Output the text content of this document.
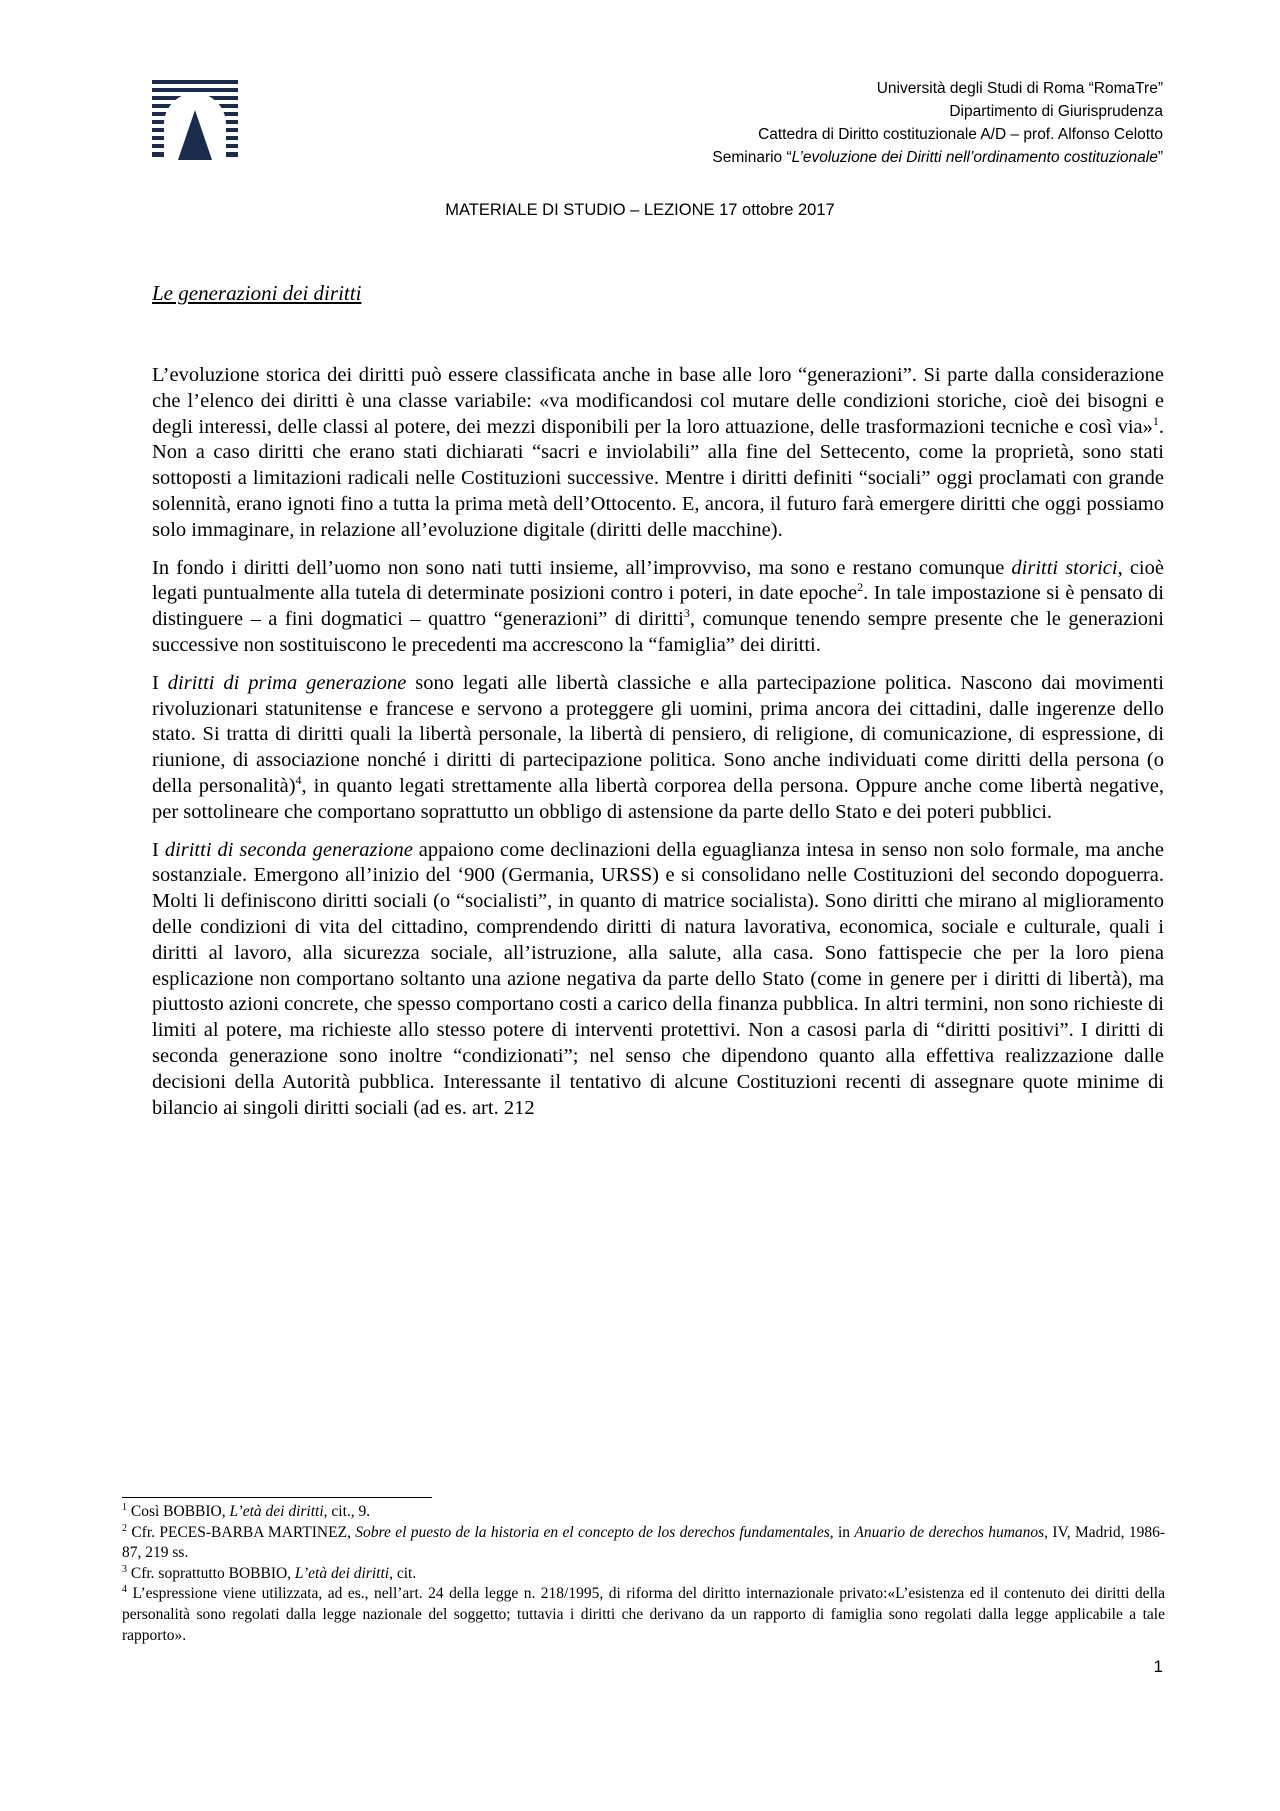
Università degli Studi di Roma “RomaTre”
Dipartimento di Giurisprudenza
Cattedra di Diritto costituzionale A/D – prof. Alfonso Celotto
Seminario “L’evoluzione dei Diritti nell’ordinamento costituzionale”
MATERIALE DI STUDIO – LEZIONE 17 ottobre 2017
Le generazioni dei diritti

L’evoluzione storica dei diritti può essere classificata anche in base alle loro “generazioni”. Si parte dalla considerazione che l’elenco dei diritti è una classe variabile: «va modificandosi col mutare delle condizioni storiche, cioè dei bisogni e degli interessi, delle classi al potere, dei mezzi disponibili per la loro attuazione, delle trasformazioni tecniche e così via»$^1$. Non a caso diritti che erano stati dichiarati “sacri e inviolabili” alla fine del Settecento, come la proprietà, sono stati sottoposti a limitazioni radicali nelle Costituzioni successive. Mentre i diritti definiti “sociali” oggi proclamati con grande solennità, erano ignoti fino a tutta la prima metà dell’Ottocento. E, ancora, il futuro farà emergere diritti che oggi possiamo solo immaginare, in relazione all’evoluzione digitale (diritti delle macchine).

In fondo i diritti dell’uomo non sono nati tutti insieme, all’improvviso, ma sono e restano comunque diritti storici, cioè legati puntualmente alla tutela di determinate posizioni contro i poteri, in date epoche$^2$. In tale impostazione si è pensato di distinguere – a fini dogmatici – quattro “generazioni” di diritti$^3$, comunque tenendo sempre presente che le generazioni successive non sostituiscono le precedenti ma accrescono la “famiglia” dei diritti.

I diritti di prima generazione sono legati alle libertà classiche e alla partecipazione politica. Nascono dai movimenti rivoluzionari statunitense e francese e servono a proteggere gli uomini, prima ancora dei cittadini, dalle ingerenze dello stato. Si tratta di diritti quali la libertà personale, la libertà di pensiero, di religione, di comunicazione, di espressione, di riunione, di associazione nonché i diritti di partecipazione politica. Sono anche individuati come diritti della persona (o della personalità)$^4$, in quanto legati strettamente alla libertà corporea della persona. Oppure anche come libertà negative, per sottolineare che comportano soprattutto un obbligo di astensione da parte dello Stato e dei poteri pubblici.

I diritti di seconda generazione appaiono come declinazioni della eguaglianza intesa in senso non solo formale, ma anche sostanziale. Emergono all’inizio del ‘900 (Germania, URSS) e si consolidano nelle Costituzioni del secondo dopoguerra. Molti li definiscono diritti sociali (o “socialisti”, in quanto di matrice socialista). Sono diritti che mirano al miglioramento delle condizioni di vita del cittadino, comprendendo diritti di natura lavorativa, economica, sociale e culturale, quali i diritti al lavoro, alla sicurezza sociale, all’istruzione, alla salute, alla casa. Sono fattispecie che per la loro piena esplicazione non comportano soltanto una azione negativa da parte dello Stato (come in genere per i diritti di libertà), ma piuttosto azioni concrete, che spesso comportano costi a carico della finanza pubblica. In altri termini, non sono richieste di limiti al potere, ma richieste allo stesso potere di interventi protettivi. Non a casosi parla di “diritti positivi”. I diritti di seconda generazione sono inoltre “condizionati”; nel senso che dipendono quanto alla effettiva realizzazione dalle decisioni della Autorità pubblica. Interessante il tentativo di alcune Costituzioni recenti di assegnare quote minime di bilancio ai singoli diritti sociali (ad es. art. 212

$^1$ Così BOBBIO, L’età dei diritti, cit., 9.

$^2$ Cfr. PECES-BARBA MARTINEZ, Sobre el puesto de la historia en el concepto de los derechos fundamentales, in Anuario de derechos humanos, IV, Madrid, 1986-87, 219 ss.

$^3$ Cfr. soprattutto BOBBIO, L’età dei diritti, cit.

$^4$ L’espressione viene utilizzata, ad es., nell’art. 24 della legge n. 218/1995, di riforma del diritto internazionale privato:«L’esistenza ed il contenuto dei diritti della personalità sono regolati dalla legge nazionale del soggetto; tuttavia i diritti che derivano da un rapporto di famiglia sono regolati dalla legge applicabile a tale rapporto».

1
